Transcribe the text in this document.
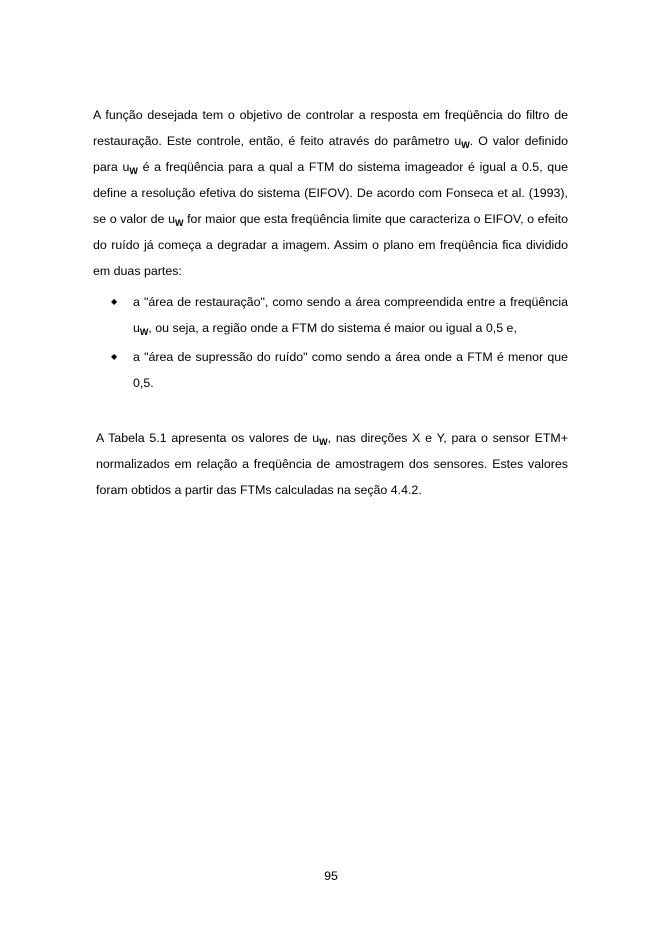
A função desejada tem o objetivo de controlar a resposta em freqüência do filtro de restauração. Este controle, então, é feito através do parâmetro $u_W$. O valor definido para $u_W$ é a freqüência para a qual a FTM do sistema imageador é igual a 0.5, que define a resolução efetiva do sistema (EIFOV). De acordo com Fonseca et al. (1993), se o valor de $u_W$ for maior que esta freqüência limite que caracteriza o EIFOV, o efeito do ruído já começa a degradar a imagem. Assim o plano em freqüência fica dividido em duas partes:

◆
a "área de restauração", como sendo a área compreendida entre a freqüência $u_W$, ou seja, a região onde a FTM do sistema é maior ou igual a 0,5 e,
◆
a "área de supressão do ruído" como sendo a área onde a FTM é menor que 0,5.

A Tabela 5.1 apresenta os valores de $u_W$, nas direções X e Y, para o sensor ETM+ normalizados em relação a freqüência de amostragem dos sensores. Estes valores foram obtidos a partir das FTMs calculadas na seção 4.4.2.

95
